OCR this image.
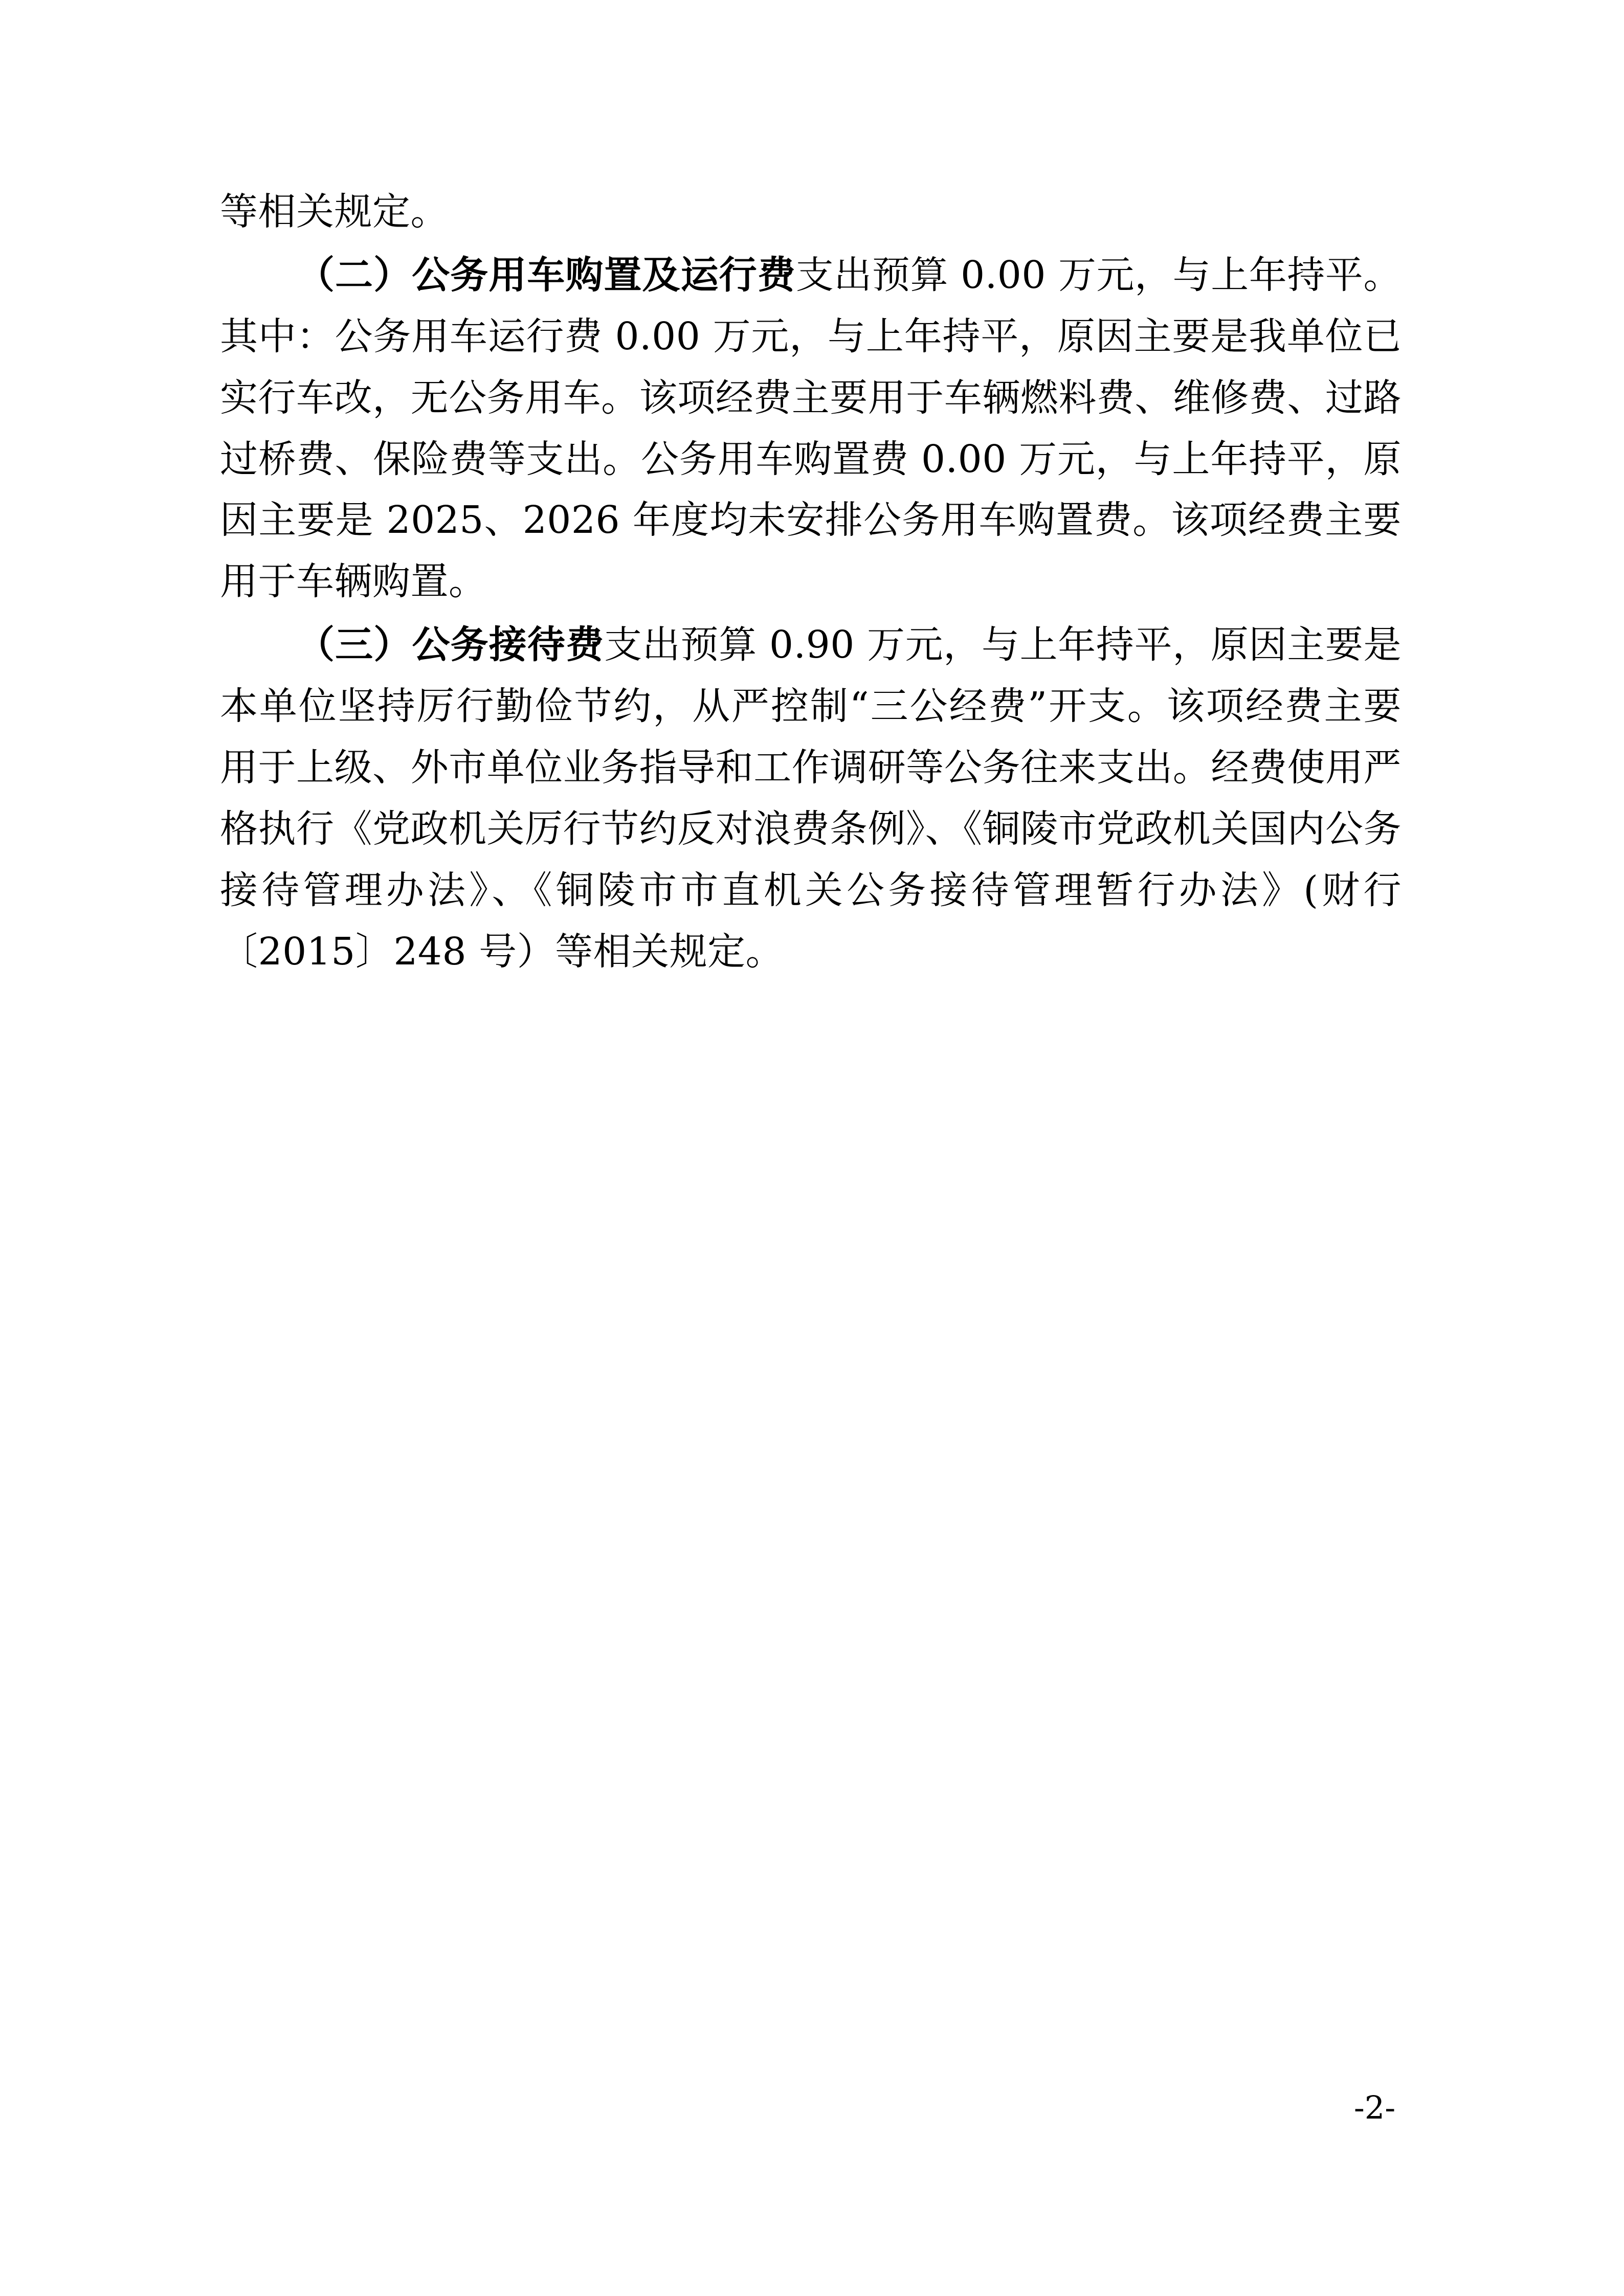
等相关规定。

（二）公务用车购置及运行费支出预算 0.00 万元，与上年持平。其中：公务用车运行费 0.00 万元，与上年持平，原因主要是我单位已实行车改，无公务用车。该项经费主要用于车辆燃料费、维修费、过路过桥费、保险费等支出。公务用车购置费 0.00 万元，与上年持平，原因主要是 2025、2026 年度均未安排公务用车购置费。该项经费主要用于车辆购置。

（三）公务接待费支出预算 0.90 万元，与上年持平，原因主要是本单位坚持厉行勤俭节约，从严控制“三公经费”开支。该项经费主要用于上级、外市单位业务指导和工作调研等公务往来支出。经费使用严格执行《党政机关厉行节约反对浪费条例》、《铜陵市党政机关国内公务接待管理办法》、《铜陵市市直机关公务接待管理暂行办法》(财行〔2015〕248 号）等相关规定。

-2-
